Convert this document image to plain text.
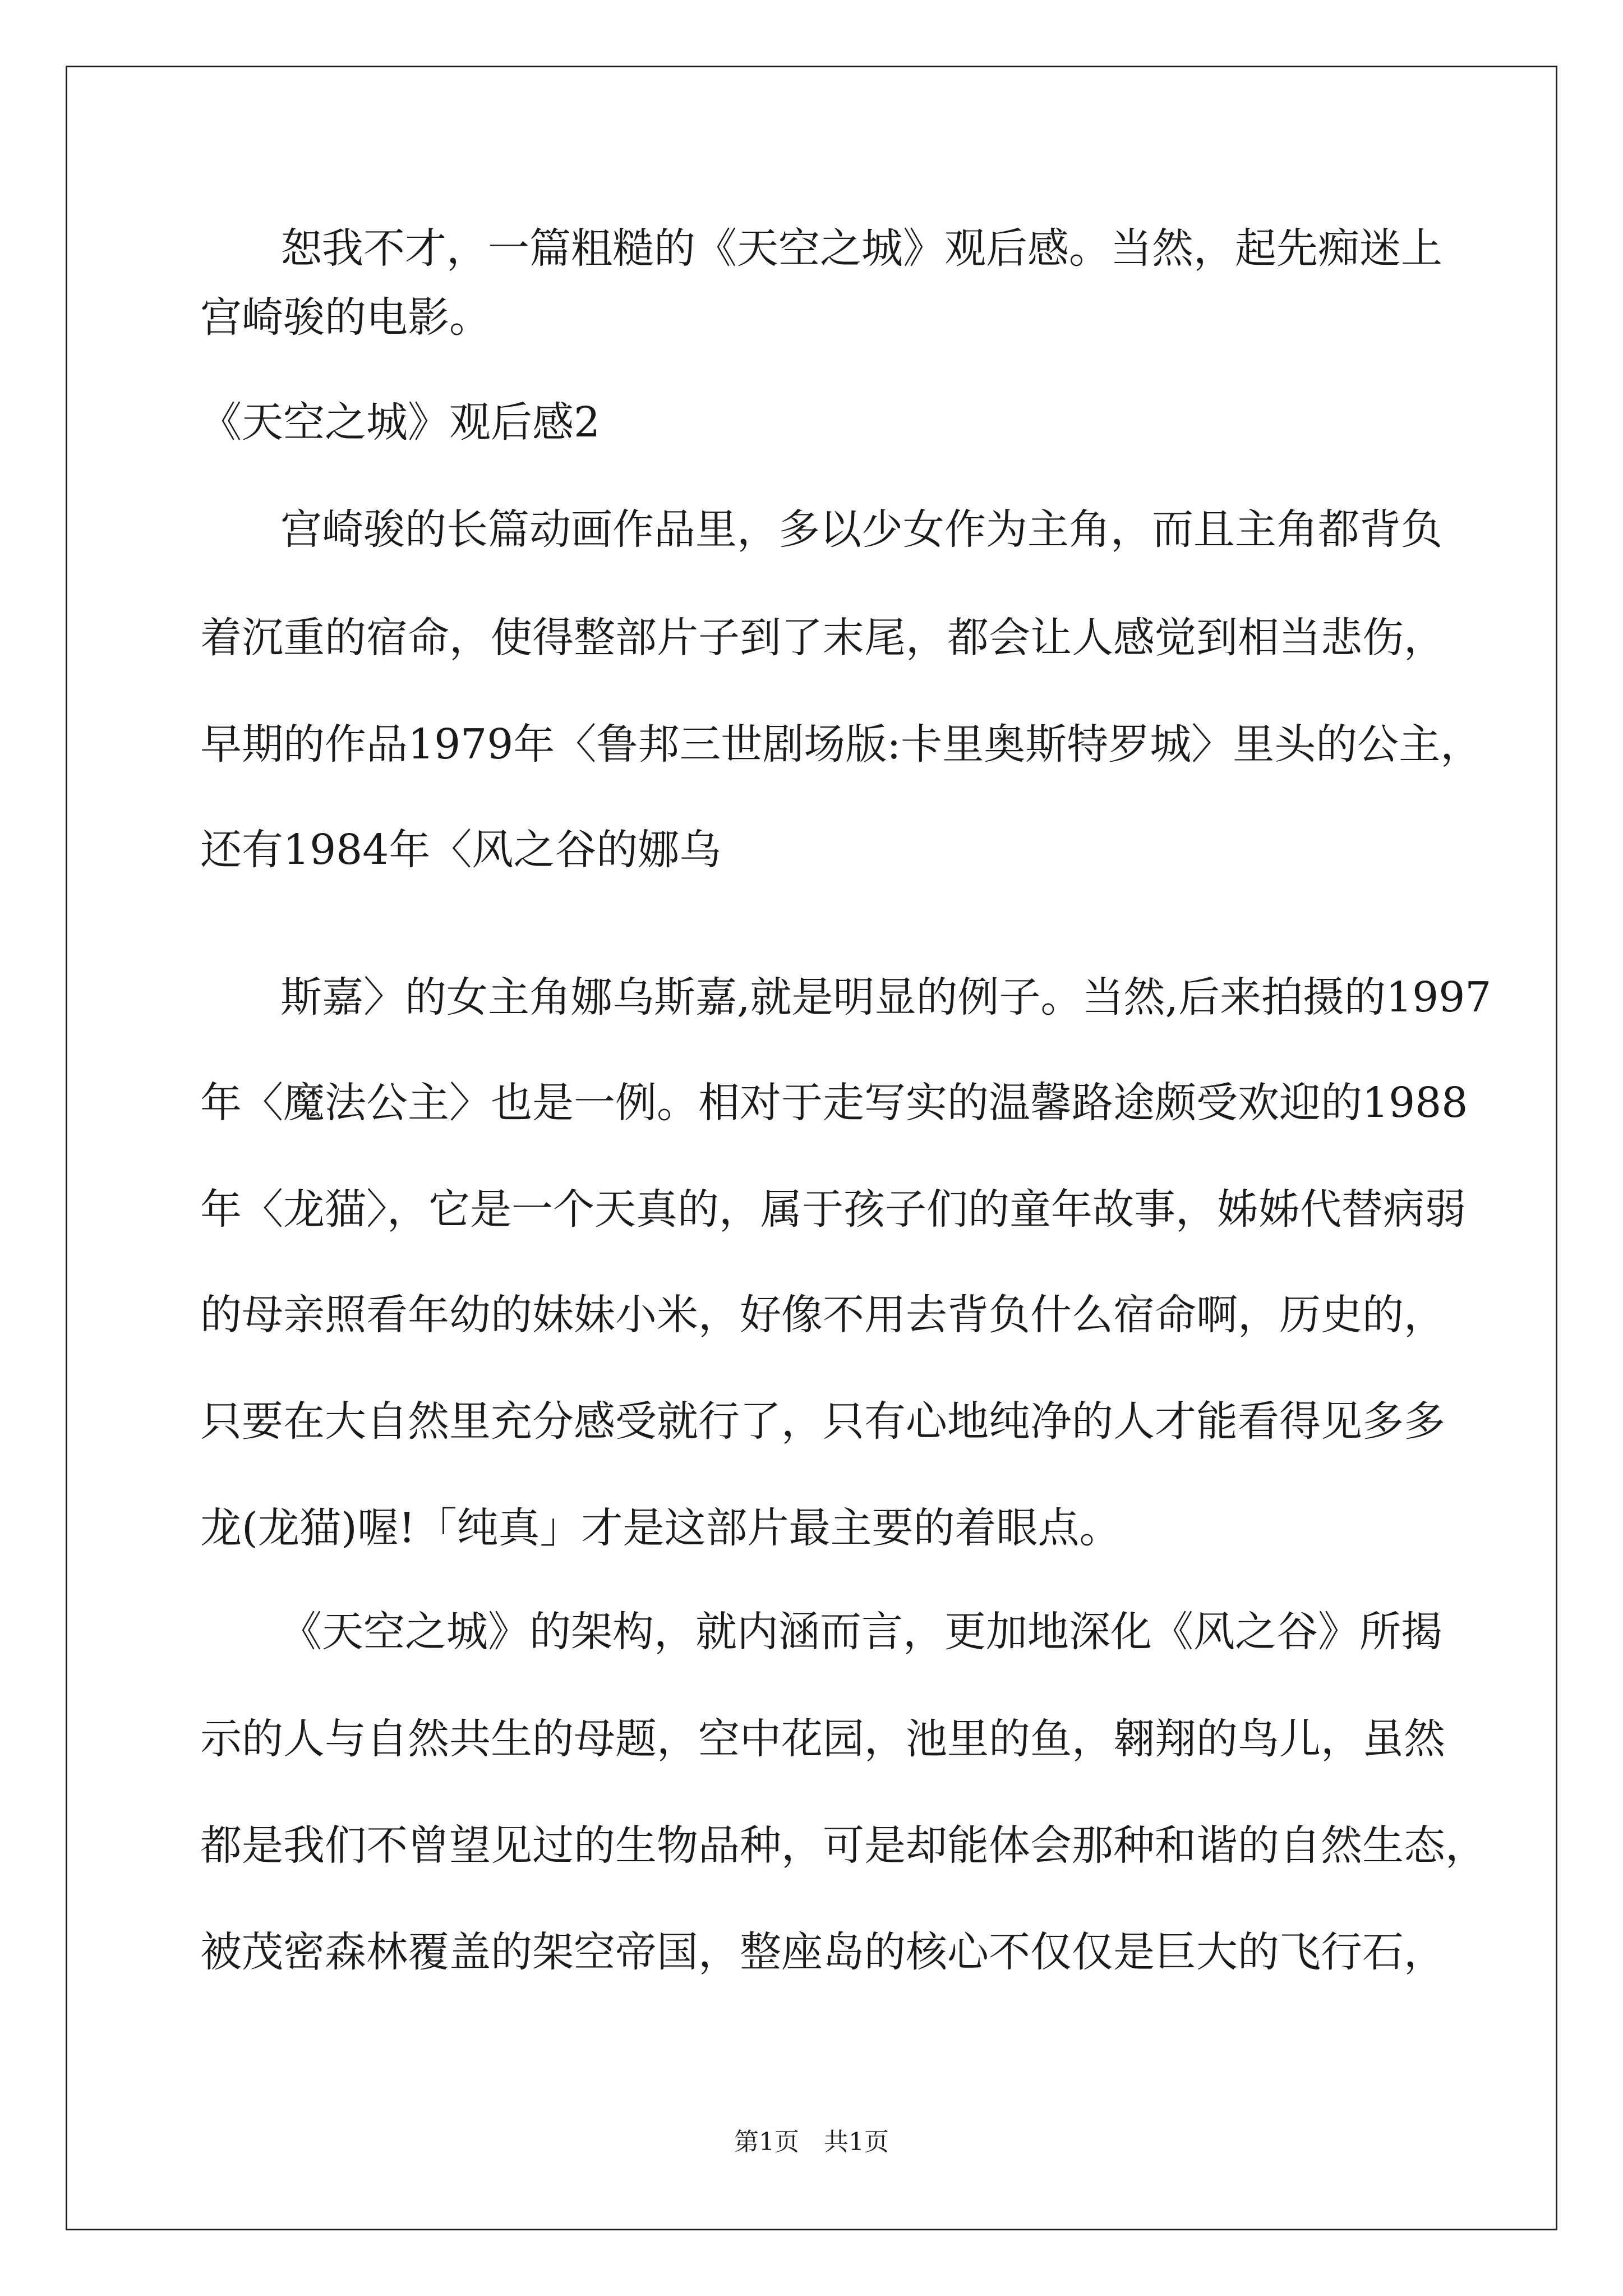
恕我不才，一篇粗糙的《天空之城》观后感。当然，起先痴迷上
宫崎骏的电影。
《天空之城》观后感2
宫崎骏的长篇动画作品里，多以少女作为主角，而且主角都背负
着沉重的宿命，使得整部片子到了末尾，都会让人感觉到相当悲伤，
早期的作品1979年〈鲁邦三世剧场版:卡里奥斯特罗城〉里头的公主，
还有1984年〈风之谷的娜乌
斯嘉〉的女主角娜乌斯嘉,就是明显的例子。当然,后来拍摄的1997
年〈魔法公主〉也是一例。相对于走写实的温馨路途颇受欢迎的1988
年〈龙猫〉，它是一个天真的，属于孩子们的童年故事，姊姊代替病弱
的母亲照看年幼的妹妹小米，好像不用去背负什么宿命啊，历史的，
只要在大自然里充分感受就行了，只有心地纯净的人才能看得见多多
龙(龙猫)喔!「纯真」才是这部片最主要的着眼点。
《天空之城》的架构，就内涵而言，更加地深化《风之谷》所揭
示的人与自然共生的母题，空中花园，池里的鱼，翱翔的鸟儿，虽然
都是我们不曾望见过的生物品种，可是却能体会那种和谐的自然生态，
被茂密森林覆盖的架空帝国，整座岛的核心不仅仅是巨大的飞行石，
第1页　共1页
